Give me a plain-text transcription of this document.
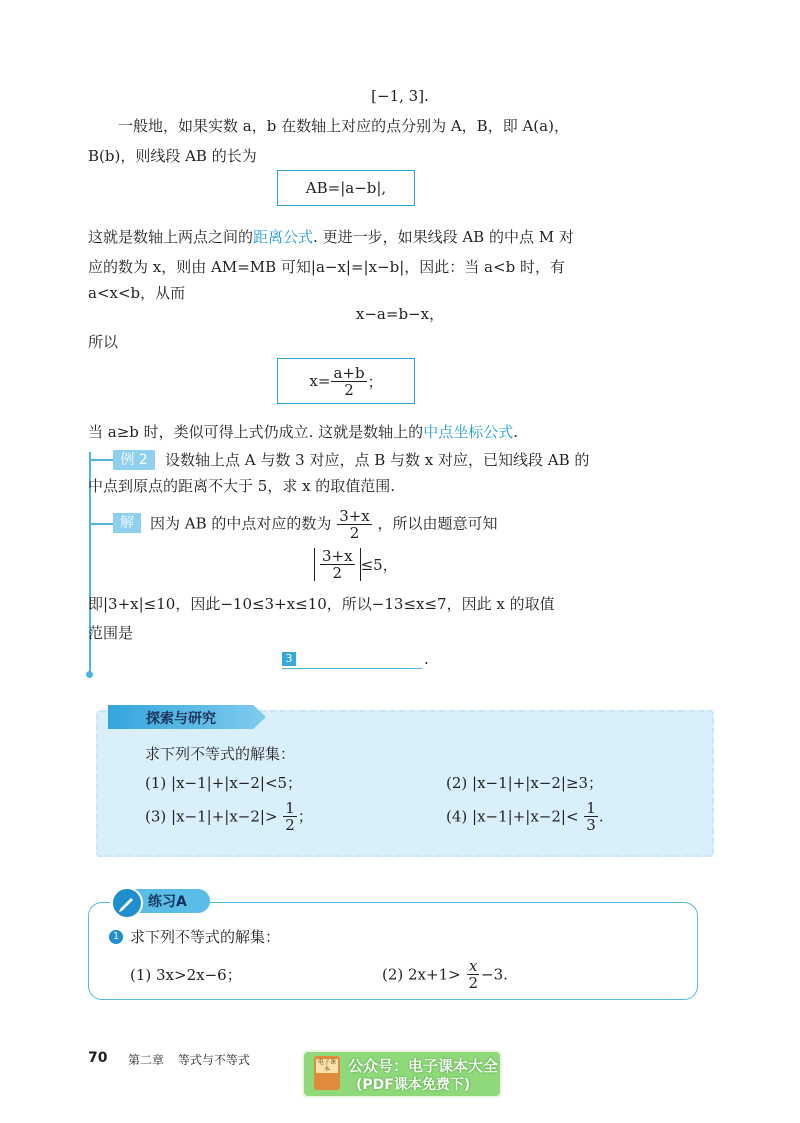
[−1, 3].
一般地，如果实数 a，b 在数轴上对应的点分别为 A，B，即 A(a)，
B(b)，则线段 AB 的长为
AB=|a−b|,
这就是数轴上两点之间的距离公式. 更进一步，如果线段 AB 的中点 M 对
应的数为 x，则由 AM=MB 可知|a−x|=|x−b|，因此：当 a<b 时，有
a<x<b，从而
x−a=b−x，
所以
$x= \frac{a+b}{2}$ ；
当 a≥b 时，类似可得上式仍成立. 这就是数轴上的中点坐标公式.
例 2	设数轴上点 A 与数 3 对应，点 B 与数 x 对应，已知线段 AB 的
中点到原点的距离不大于 5，求 x 的取值范围.
解	因为 AB 的中点对应的数为 $\frac{3+x}{2}$ ，所以由题意可知
$\frac{3+x}{2} \le 5$，
即|3+x|≤10，因此−10≤3+x≤10，所以−13≤x≤7，因此 x 的取值
范围是
3	.
探索与研究
求下列不等式的解集：
(1) |x−1|+|x−2|<5；	(2) |x−1|+|x−2|≥3；
(3) $|x-1|+|x-2|> \frac{1}{2}$ ；	(4) $|x-1|+|x-2|< \frac{1}{3}$ .
练习A
1 求下列不等式的解集：
(1) 3x>2x−6；	(2) $2x+1> \frac{x}{2} -3$.
70 第二章 等式与不等式	电子课本	公众号：电子课本大全
(PDF课本免费下)
